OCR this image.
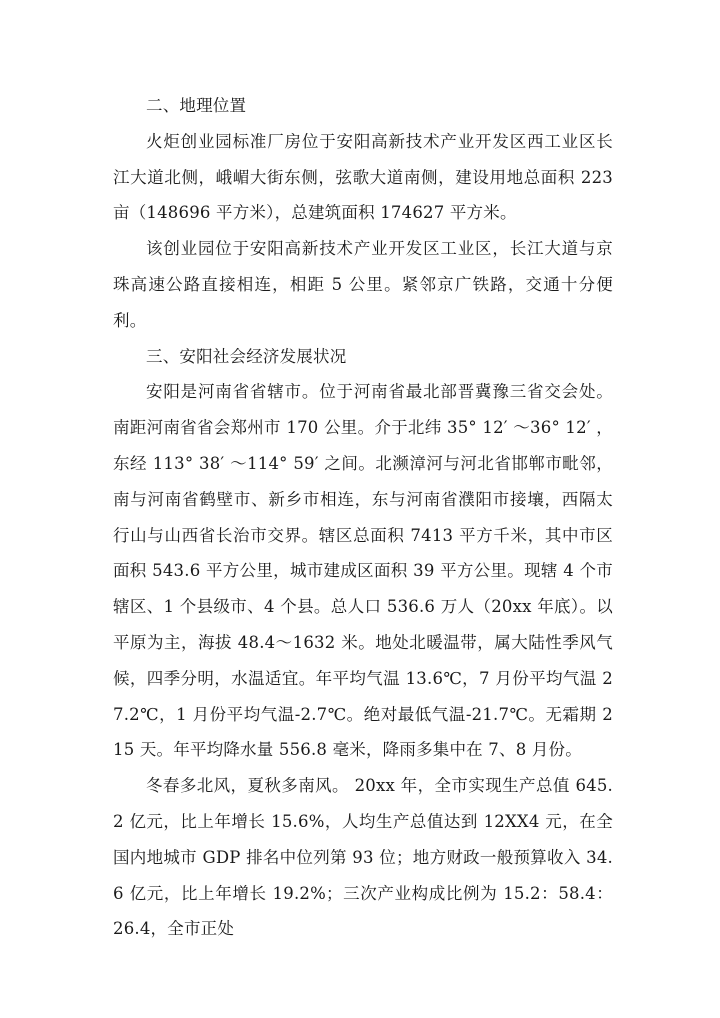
二、地理位置

火炬创业园标准厂房位于安阳高新技术产业开发区西工业区长江大道北侧，峨嵋大街东侧，弦歌大道南侧，建设用地总面积 223 亩（148696 平方米），总建筑面积 174627 平方米。

该创业园位于安阳高新技术产业开发区工业区，长江大道与京珠高速公路直接相连，相距 5 公里。紧邻京广铁路，交通十分便利。

三、安阳社会经济发展状况

安阳是河南省省辖市。位于河南省最北部晋冀豫三省交会处。南距河南省省会郑州市 170 公里。介于北纬 35° 12′ ～36° 12′ ，东经 113° 38′ ～114° 59′ 之间。北濒漳河与河北省邯郸市毗邻，南与河南省鹤壁市、新乡市相连，东与河南省濮阳市接壤，西隔太行山与山西省长治市交界。辖区总面积 7413 平方千米，其中市区面积 543.6 平方公里，城市建成区面积 39 平方公里。现辖 4 个市辖区、1 个县级市、4 个县。总人口 536.6 万人（20xx 年底）。以平原为主，海拔 48.4～1632 米。地处北暖温带，属大陆性季风气候，四季分明，水温适宜。年平均气温 13.6℃，7 月份平均气温 27.2℃，1 月份平均气温-2.7℃。绝对最低气温-21.7℃。无霜期 215 天。年平均降水量 556.8 毫米，降雨多集中在 7、8 月份。

冬春多北风，夏秋多南风。 20xx 年，全市实现生产总值 645.2 亿元，比上年增长 15.6%，人均生产总值达到 12XX4 元，在全国内地城市 GDP 排名中位列第 93 位；地方财政一般预算收入 34.6 亿元，比上年增长 19.2%；三次产业构成比例为 15.2：58.4：26.4，全市正处
